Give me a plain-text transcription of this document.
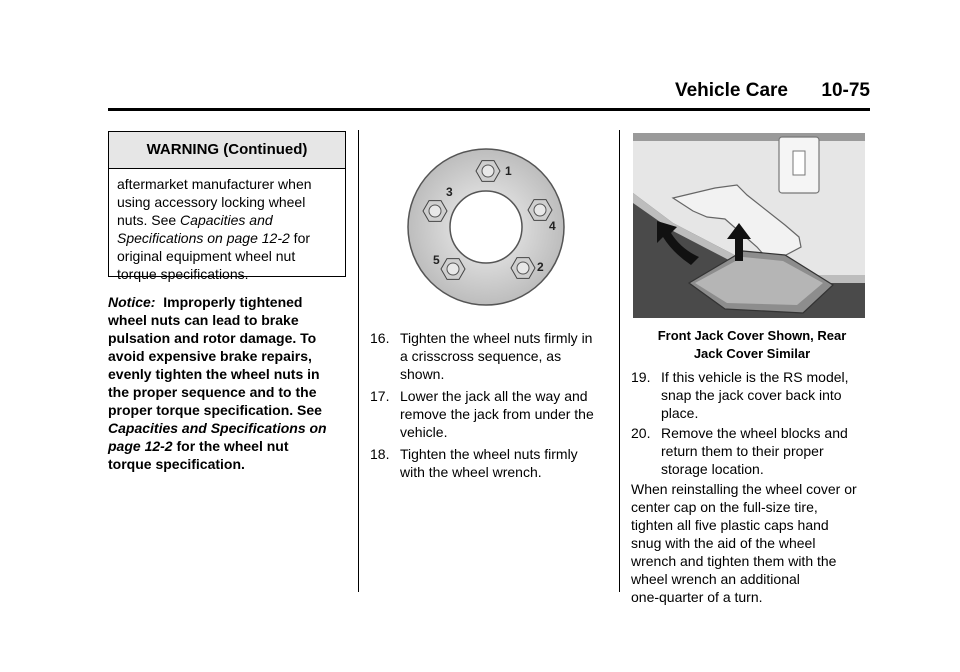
Vehicle Care 10-75
WARNING (Continued)
aftermarket manufacturer when
using accessory locking wheel
nuts. See Capacities and
Specifications on page 12-2 for
original equipment wheel nut
torque specifications.
Notice: Improperly tightened
wheel nuts can lead to brake
pulsation and rotor damage. To
avoid expensive brake repairs,
evenly tighten the wheel nuts in
the proper sequence and to the
proper torque specification. See
Capacities and Specifications on
page 12-2 for the wheel nut
torque specification.
1
2
3
4
5
16. Tighten the wheel nuts firmly in
a crisscross sequence, as
shown.
17. Lower the jack all the way and
remove the jack from under the
vehicle.
18. Tighten the wheel nuts firmly
with the wheel wrench.
Front Jack Cover Shown, Rear
Jack Cover Similar
19. If this vehicle is the RS model,
snap the jack cover back into
place.
20. Remove the wheel blocks and
return them to their proper
storage location.
When reinstalling the wheel cover or
center cap on the full-size tire,
tighten all five plastic caps hand
snug with the aid of the wheel
wrench and tighten them with the
wheel wrench an additional
one-quarter of a turn.
